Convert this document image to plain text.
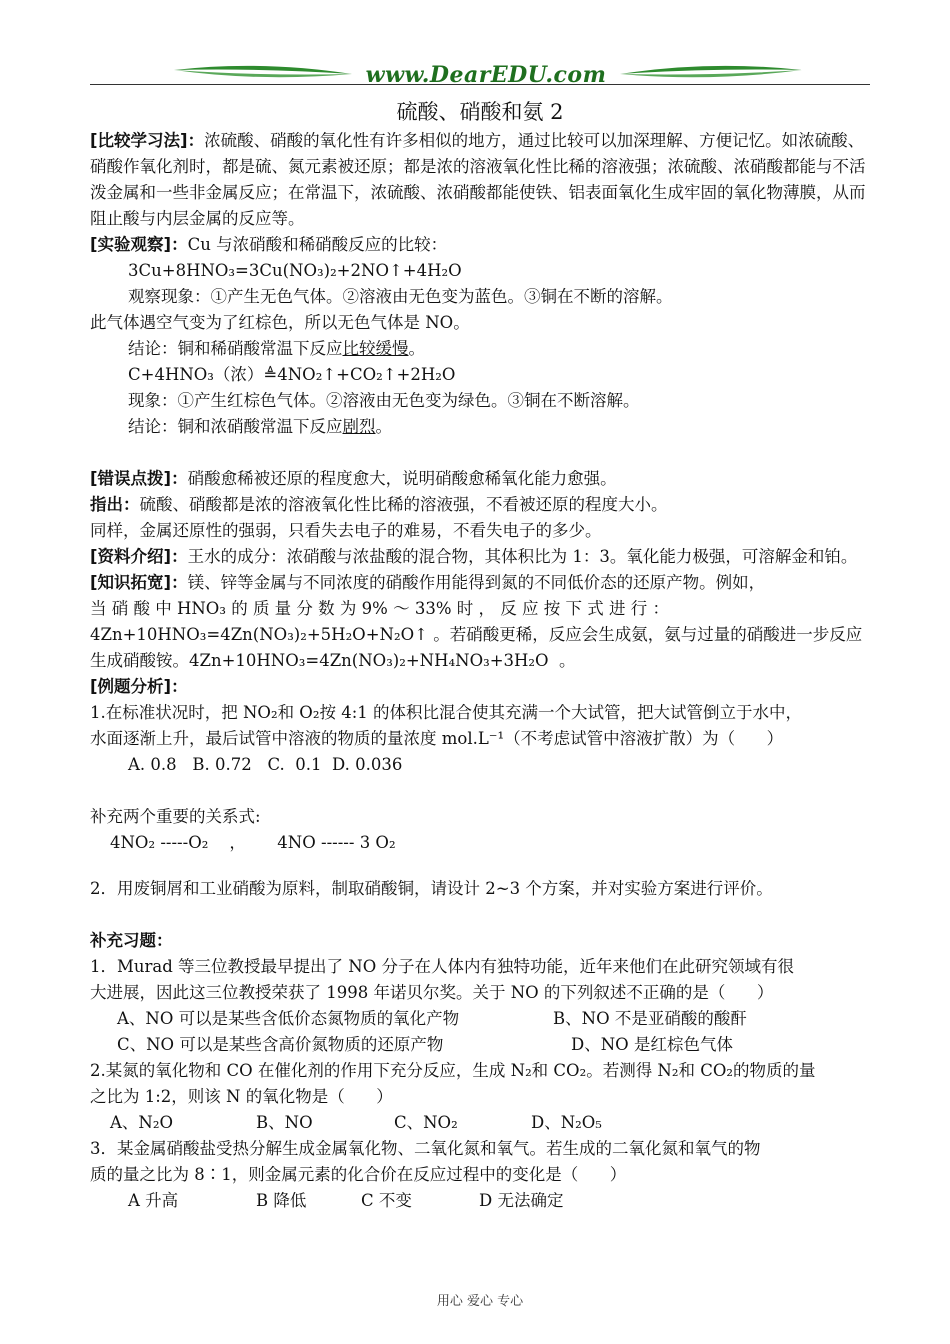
www.DearEDU.com
硫酸、硝酸和氨 2

[比较学习法]：浓硫酸、硝酸的氧化性有许多相似的地方，通过比较可以加深理解、方便记忆。如浓硫酸、硝酸作氧化剂时，都是硫、氮元素被还原；都是浓的溶液氧化性比稀的溶液强；浓硫酸、浓硝酸都能与不活泼金属和一些非金属反应；在常温下，浓硫酸、浓硝酸都能使铁、铝表面氧化生成牢固的氧化物薄膜，从而阻止酸与内层金属的反应等。

[实验观察]：Cu 与浓硝酸和稀硝酸反应的比较：

3Cu+8HNO₃=3Cu(NO₃)₂+2NO↑+4H₂O

观察现象：①产生无色气体。②溶液由无色变为蓝色。③铜在不断的溶解。

此气体遇空气变为了红棕色，所以无色气体是 NO。

结论：铜和稀硝酸常温下反应比较缓慢。

C+4HNO₃（浓）≜4NO₂↑+CO₂↑+2H₂O

现象：①产生红棕色气体。②溶液由无色变为绿色。③铜在不断溶解。

结论：铜和浓硝酸常温下反应剧烈。

[错误点拨]：硝酸愈稀被还原的程度愈大，说明硝酸愈稀氧化能力愈强。

指出：硫酸、硝酸都是浓的溶液氧化性比稀的溶液强，不看被还原的程度大小。

同样，金属还原性的强弱，只看失去电子的难易，不看失电子的多少。

[资料介绍]：王水的成分：浓硝酸与浓盐酸的混合物，其体积比为 1：3。氧化能力极强，可溶解金和铂。

[知识拓宽]：镁、锌等金属与不同浓度的硝酸作用能得到氮的不同低价态的还原产物。例如，

当 硝 酸 中 HNO₃ 的 质 量 分 数 为 9% ～ 33% 时 ， 反 应 按 下 式 进 行 ：

4Zn+10HNO₃=4Zn(NO₃)₂+5H₂O+N₂O↑ 。若硝酸更稀，反应会生成氨，氨与过量的硝酸进一步反应

生成硝酸铵。4Zn+10HNO₃=4Zn(NO₃)₂+NH₄NO₃+3H₂O  。

[例题分析]：

1.在标准状况时，把 NO₂和 O₂按 4:1 的体积比混合使其充满一个大试管，把大试管倒立于水中，

水面逐渐上升，最后试管中溶液的物质的量浓度 mol.L⁻¹（不考虑试管中溶液扩散）为（      ）

A. 0.8   B. 0.72   C.  0.1  D. 0.036

补充两个重要的关系式:

4NO₂ -----O₂    ，      4NO ------ 3 O₂

2．用废铜屑和工业硝酸为原料，制取硝酸铜，请设计 2~3 个方案，并对实验方案进行评价。

补充习题：

1．Murad 等三位教授最早提出了 NO 分子在人体内有独特功能，近年来他们在此研究领域有很

大进展，因此这三位教授荣获了 1998 年诺贝尔奖。关于 NO 的下列叙述不正确的是（      ）

A、NO 可以是某些含低价态氮物质的氧化产物	B、NO 不是亚硝酸的酸酐
C、NO 可以是某些含高价氮物质的还原产物	D、NO 是红棕色气体

2.某氮的氧化物和 CO 在催化剂的作用下充分反应，生成 N₂和 CO₂。若测得 N₂和 CO₂的物质的量

之比为 1:2，则该 N 的氧化物是（      ）

A、N₂O	B、NO	C、NO₂	D、N₂O₅

3．某金属硝酸盐受热分解生成金属氧化物、二氧化氮和氧气。若生成的二氧化氮和氧气的物

质的量之比为 8∶1，则金属元素的化合价在反应过程中的变化是（      ）

A 升高	B 降低	C 不变	D 无法确定
用心 爱心 专心
